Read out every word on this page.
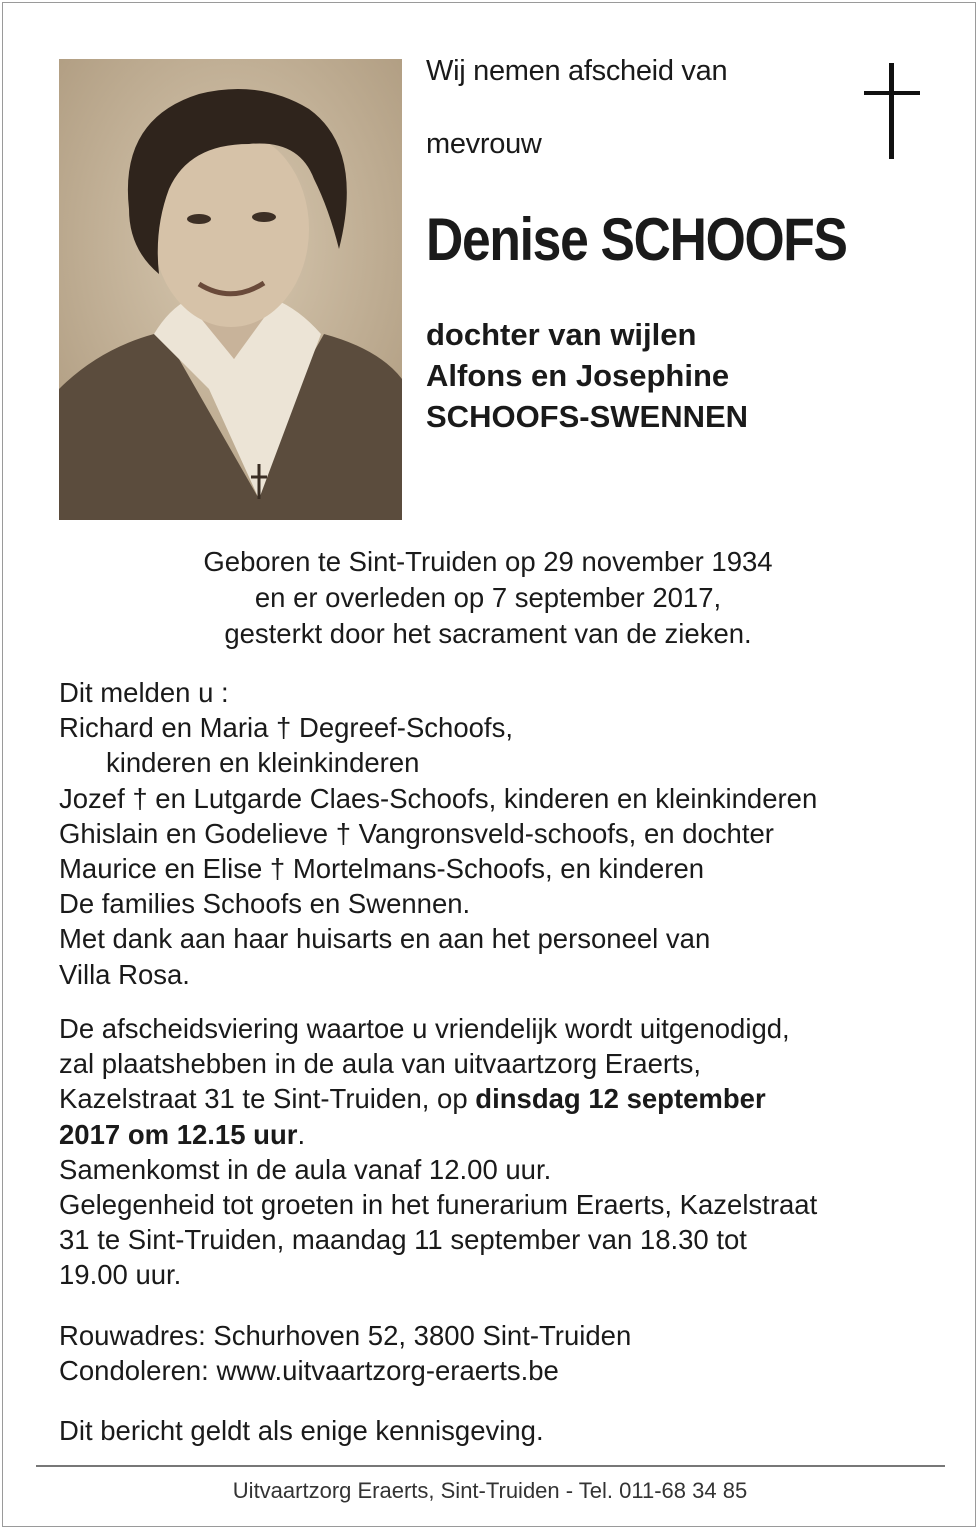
Wij nemen afscheid van
mevrouw
Denise SCHOOFS
dochter van wijlen
Alfons en Josephine
SCHOOFS-SWENNEN
Geboren te Sint-Truiden op 29 november 1934
en er overleden op 7 september 2017,
gesterkt door het sacrament van de zieken.
Dit melden u :
Richard en Maria † Degreef-Schoofs,
kinderen en kleinkinderen
Jozef † en Lutgarde Claes-Schoofs, kinderen en kleinkinderen
Ghislain en Godelieve † Vangronsveld-schoofs, en dochter
Maurice en Elise † Mortelmans-Schoofs, en kinderen
De families Schoofs en Swennen.
Met dank aan haar huisarts en aan het personeel van
Villa Rosa.
De afscheidsviering waartoe u vriendelijk wordt uitgenodigd,
zal plaatshebben in de aula van uitvaartzorg Eraerts,
Kazelstraat 31 te Sint-Truiden, op dinsdag 12 september
2017 om 12.15 uur.
Samenkomst in de aula vanaf 12.00 uur.
Gelegenheid tot groeten in het funerarium Eraerts, Kazelstraat
31 te Sint-Truiden, maandag 11 september van 18.30 tot
19.00 uur.
Rouwadres: Schurhoven 52, 3800 Sint-Truiden
Condoleren: www.uitvaartzorg-eraerts.be
Dit bericht geldt als enige kennisgeving.
Uitvaartzorg Eraerts, Sint-Truiden - Tel. 011-68 34 85
